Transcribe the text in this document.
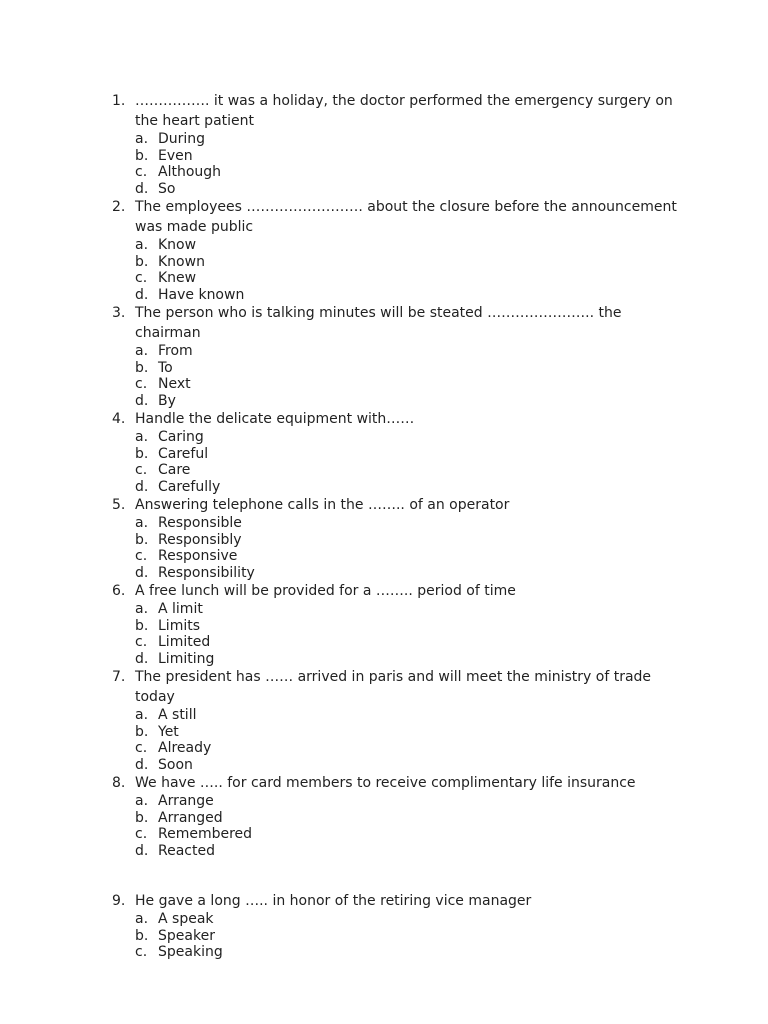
1. ……………. it was a holiday, the doctor performed the emergency surgery on the heart patient
a. During
b. Even
c. Although
d. So
2. The employees ……………………. about the closure before the announcement was made public
a. Know
b. Known
c. Knew
d. Have known
3. The person who is talking minutes will be steated ………………….. the chairman
a. From
b. To
c. Next
d. By
4. Handle the delicate equipment with……
a. Caring
b. Careful
c. Care
d. Carefully
5. Answering telephone calls in the …….. of an operator
a. Responsible
b. Responsibly
c. Responsive
d. Responsibility
6. A free lunch will be provided for a …….. period of time
a. A limit
b. Limits
c. Limited
d. Limiting
7. The president has …… arrived in paris and will meet the ministry of trade today
a. A still
b. Yet
c. Already
d. Soon
8. We have ….. for card members to receive complimentary life insurance
a. Arrange
b. Arranged
c. Remembered
d. Reacted
9. He gave a long ….. in honor of the retiring vice manager
a. A speak
b. Speaker
c. Speaking
